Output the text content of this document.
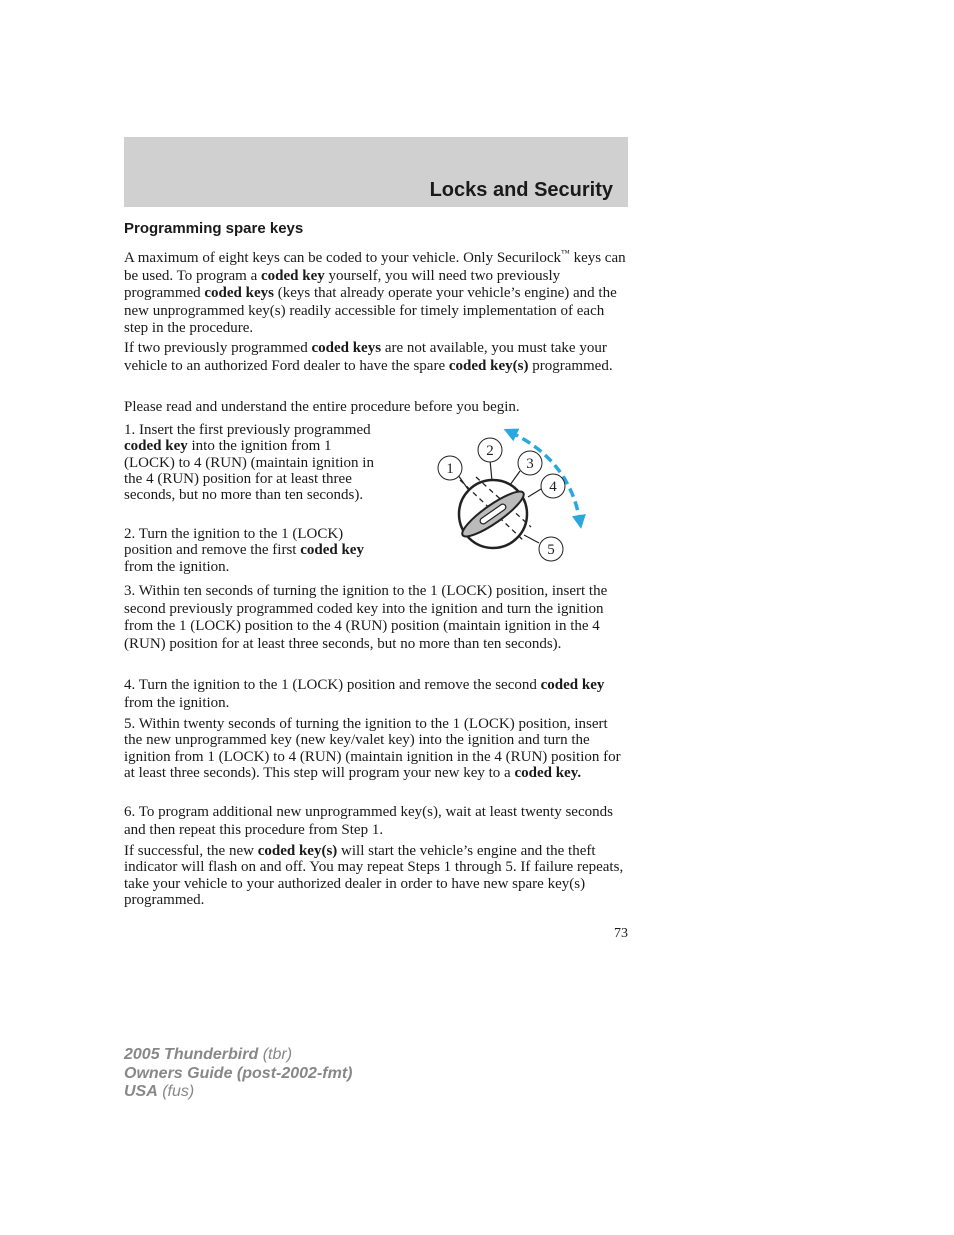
Locks and Security
Programming spare keys

A maximum of eight keys can be coded to your vehicle. Only Securilock™ keys can be used. To program a coded key yourself, you will need two previously programmed coded keys (keys that already operate your vehicle’s engine) and the new unprogrammed key(s) readily accessible for timely implementation of each step in the procedure.

If two previously programmed coded keys are not available, you must take your vehicle to an authorized Ford dealer to have the spare coded key(s) programmed.

Please read and understand the entire procedure before you begin.

1. Insert the first previously programmed coded key into the ignition from 1 (LOCK) to 4 (RUN) (maintain ignition in the 4 (RUN) position for at least three seconds, but no more than ten seconds).

2. Turn the ignition to the 1 (LOCK) position and remove the first coded key from the ignition.

1
2
3
4
5

3. Within ten seconds of turning the ignition to the 1 (LOCK) position, insert the second previously programmed coded key into the ignition and turn the ignition from the 1 (LOCK) position to the 4 (RUN) position (maintain ignition in the 4 (RUN) position for at least three seconds, but no more than ten seconds).

4. Turn the ignition to the 1 (LOCK) position and remove the second coded key from the ignition.

5. Within twenty seconds of turning the ignition to the 1 (LOCK) position, insert the new unprogrammed key (new key/valet key) into the ignition and turn the ignition from 1 (LOCK) to 4 (RUN) (maintain ignition in the 4 (RUN) position for at least three seconds). This step will program your new key to a coded key.

6. To program additional new unprogrammed key(s), wait at least twenty seconds and then repeat this procedure from Step 1.

If successful, the new coded key(s) will start the vehicle’s engine and the theft indicator will flash on and off. You may repeat Steps 1 through 5. If failure repeats, take your vehicle to your authorized dealer in order to have new spare key(s) programmed.

73
2005 Thunderbird (tbr)
Owners Guide (post-2002-fmt)
USA (fus)
